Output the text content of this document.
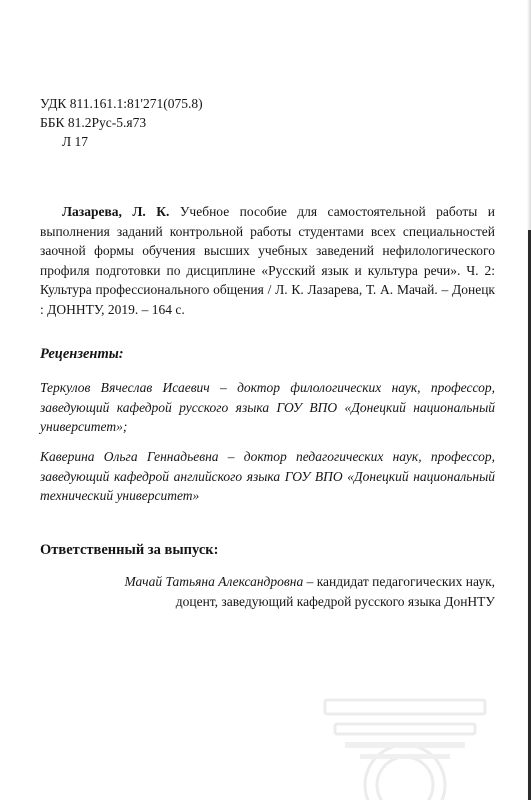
УДК 811.161.1:81'271(075.8)
ББК 81.2Рус-5.я73
Л 17
Лазарева, Л. К. Учебное пособие для самостоятельной работы и выполнения заданий контрольной работы студентами всех специальностей заочной формы обучения высших учебных заведений нефилологического профиля подготовки по дисциплине «Русский язык и культура речи». Ч. 2: Культура профессионального общения / Л. К. Лазарева, Т. А. Мачай. – Донецк : ДОННТУ, 2019. – 164 с.
Рецензенты:
Теркулов Вячеслав Исаевич – доктор филологических наук, профессор, заведующий кафедрой русского языка ГОУ ВПО «Донецкий национальный университет»;
Каверина Ольга Геннадьевна – доктор педагогических наук, профессор, заведующий кафедрой английского языка ГОУ ВПО «Донецкий национальный технический университет»
Ответственный за выпуск:
Мачай Татьяна Александровна – кандидат педагогических наук,
доцент, заведующий кафедрой русского языка ДонНТУ
